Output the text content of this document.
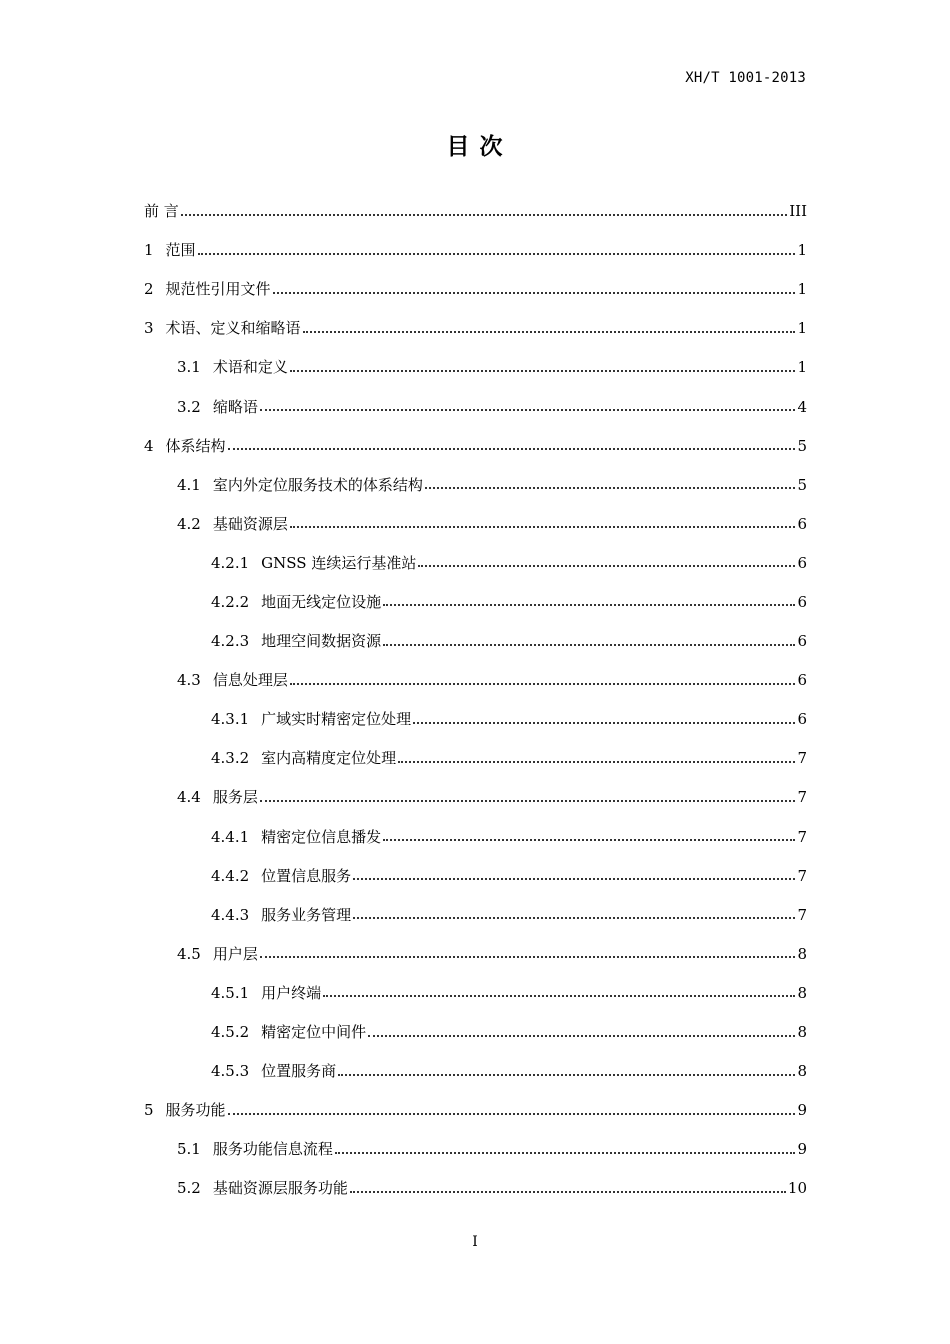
XH/T 1001-2013
目 次
前 言	III
1 范围	1
2 规范性引用文件	1
3 术语、定义和缩略语	1
3.1 术语和定义	1
3.2 缩略语	4
4 体系结构	5
4.1 室内外定位服务技术的体系结构	5
4.2 基础资源层	6
4.2.1 GNSS 连续运行基准站	6
4.2.2 地面无线定位设施	6
4.2.3 地理空间数据资源	6
4.3 信息处理层	6
4.3.1 广域实时精密定位处理	6
4.3.2 室内高精度定位处理	7
4.4 服务层	7
4.4.1 精密定位信息播发	7
4.4.2 位置信息服务	7
4.4.3 服务业务管理	7
4.5 用户层	8
4.5.1 用户终端	8
4.5.2 精密定位中间件	8
4.5.3 位置服务商	8
5 服务功能	9
5.1 服务功能信息流程	9
5.2 基础资源层服务功能	10
I
